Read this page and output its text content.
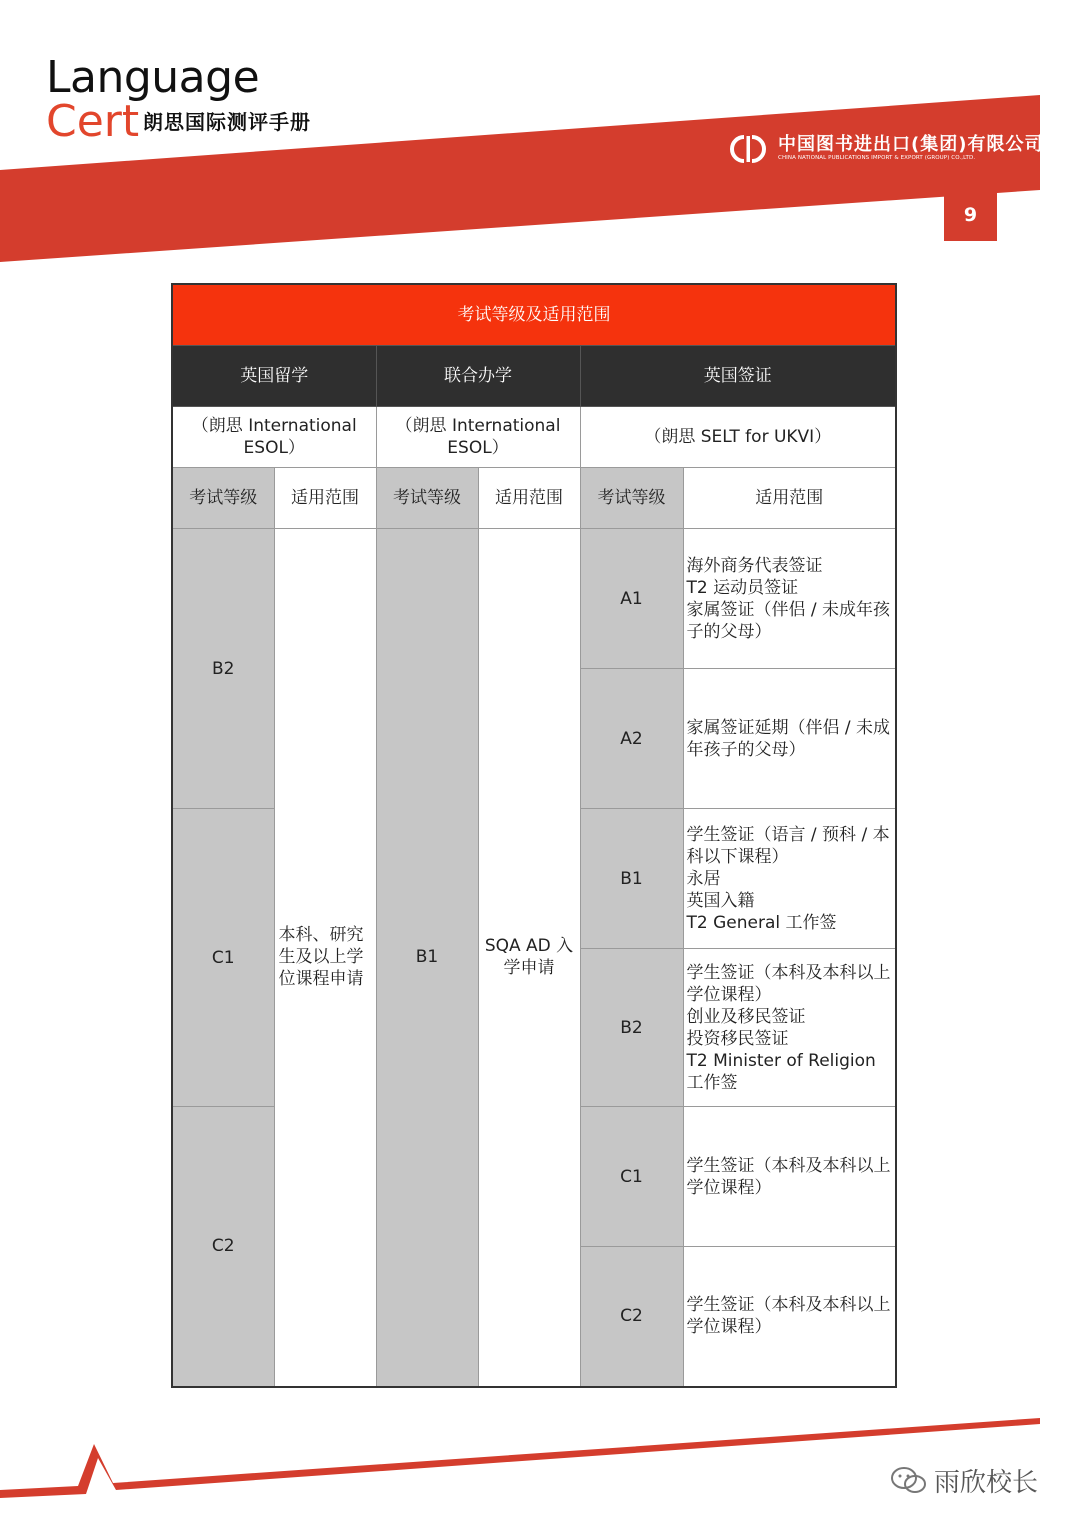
Language
Cert 朗思国际测评手册
中国图书进出口(集团)有限公司
CHINA NATIONAL PUBLICATIONS IMPORT & EXPORT (GROUP) CO.,LTD.
9
考试等级及适用范围					
英国留学		联合办学		英国签证	
（朗思 International ESOL）		（朗思 International ESOL）		（朗思 SELT for UKVI）	
考试等级	适用范围	考试等级	适用范围	考试等级	适用范围
B2	本科、研究生及以上学位课程申请	B1	SQA AD 入学申请	A1	海外商务代表签证
T2 运动员签证
家属签证（伴侣 / 未成年孩子的父母）

				A2	家属签证延期（伴侣 / 未成年孩子的父母）

C1				B1	学生签证（语言 / 预科 / 本科以下课程）
永居
英国入籍
T2 General 工作签

				B2	学生签证（本科及本科以上学位课程）
创业及移民签证
投资移民签证
T2 Minister of Religion 工作签

C2				C1	学生签证（本科及本科以上学位课程）

				C2	学生签证（本科及本科以上学位课程）
雨欣校长
